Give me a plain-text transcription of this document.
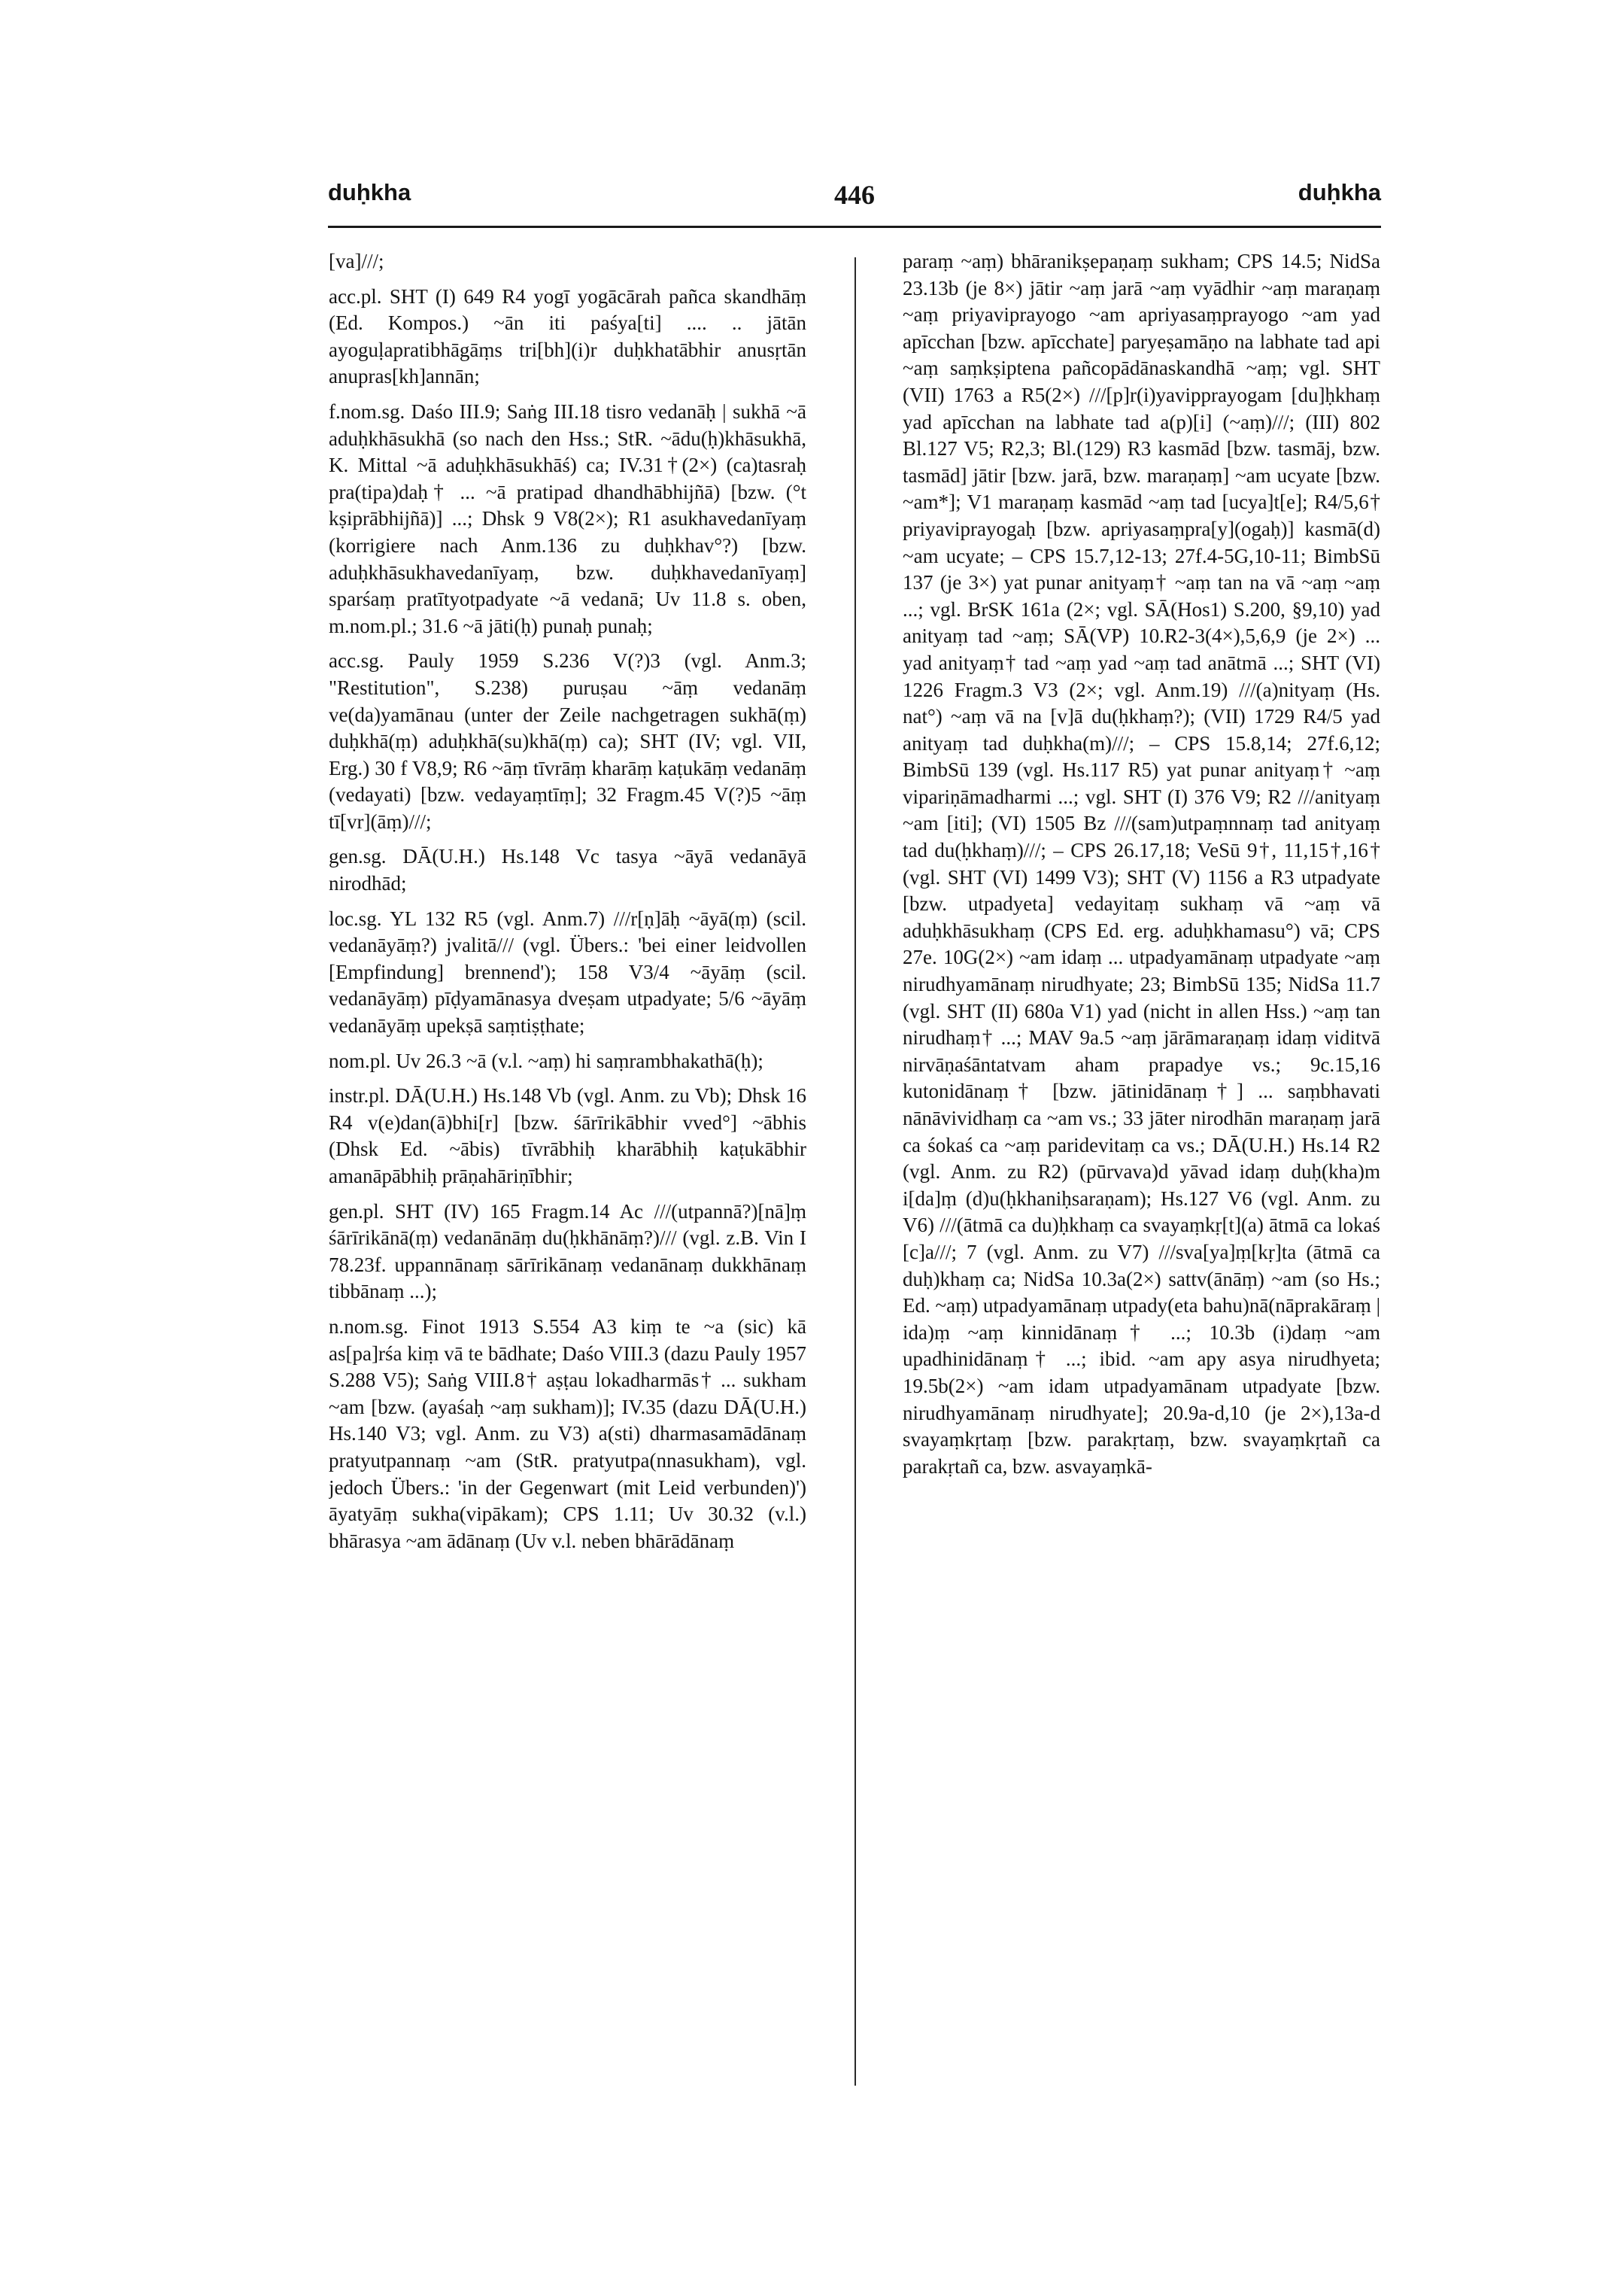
duḥkha	446	duḥkha

[va]///;

acc.pl. SHT (I) 649 R4 yogī yogācārah pañca skandhāṃ (Ed. Kompos.) ~ān iti paśya[ti] .... .. jātān ayoguḷapratibhāgāṃs tri[bh](i)r duḥkhatābhir anusṛtān anupras[kh]annān;

f.nom.sg. Daśo III.9; Saṅg III.18 tisro vedanāḥ | sukhā ~ā aduḥkhāsukhā (so nach den Hss.; StR. ~ādu(ḥ)khāsukhā, K. Mittal ~ā aduḥkhāsukhāś) ca; IV.31†(2×) (ca)tasraḥ pra(tipa)daḥ† ... ~ā pratipad dhandhābhijñā) [bzw. (°t kṣiprābhijñā)] ...; Dhsk 9 V8(2×); R1 asukhavedanīyaṃ (korrigiere nach Anm.136 zu duḥkhav°?) [bzw. aduḥkhāsukhavedanīyaṃ, bzw. duḥkhavedanīyaṃ] sparśaṃ pratītyotpadyate ~ā vedanā; Uv 11.8 s. oben, m.nom.pl.; 31.6 ~ā jāti(ḥ) punaḥ punaḥ;

acc.sg. Pauly 1959 S.236 V(?)3 (vgl. Anm.3; "Restitution", S.238) puruṣau ~āṃ vedanāṃ ve(da)yamānau (unter der Zeile nachgetragen sukhā(ṃ) duḥkhā(ṃ) aduḥkhā(su)khā(ṃ) ca); SHT (IV; vgl. VII, Erg.) 30 f V8,9; R6 ~āṃ tīvrāṃ kharāṃ kaṭukāṃ vedanāṃ (vedayati) [bzw. vedayaṃtīṃ]; 32 Fragm.45 V(?)5 ~āṃ tī[vr](āṃ)///;

gen.sg. DĀ(U.H.) Hs.148 Vc tasya ~āyā vedanāyā nirodhād;

loc.sg. YL 132 R5 (vgl. Anm.7) ///r[ṇ]āḥ ~āyā(ṃ) (scil. vedanāyāṃ?) jvalitā/// (vgl. Übers.: 'bei einer leidvollen [Empfindung] brennend'); 158 V3/4 ~āyāṃ (scil. vedanāyāṃ) pīḍyamānasya dveṣam utpadyate; 5/6 ~āyāṃ vedanāyāṃ upekṣā saṃtiṣṭhate;

nom.pl. Uv 26.3 ~ā (v.l. ~aṃ) hi saṃrambhakathā(ḥ);

instr.pl. DĀ(U.H.) Hs.148 Vb (vgl. Anm. zu Vb); Dhsk 16 R4 v(e)dan(ā)bhi[r] [bzw. śārīrikābhir vved°] ~ābhis (Dhsk Ed. ~ābis) tīvrābhiḥ kharābhiḥ kaṭukābhir amanāpābhiḥ prāṇahāriṇībhir;

gen.pl. SHT (IV) 165 Fragm.14 Ac ///(utpannā?)[nā]ṃ śārīrikānā(ṃ) vedanānāṃ du(ḥkhānāṃ?)/// (vgl. z.B. Vin I 78.23f. uppannānaṃ sārīrikānaṃ vedanānaṃ dukkhānaṃ tibbānaṃ ...);

n.nom.sg. Finot 1913 S.554 A3 kiṃ te ~a (sic) kā as[pa]rśa kiṃ vā te bādhate; Daśo VIII.3 (dazu Pauly 1957 S.288 V5); Saṅg VIII.8† aṣṭau lokadharmās† ... sukham ~am [bzw. (ayaśaḥ ~aṃ sukham)]; IV.35 (dazu DĀ(U.H.) Hs.140 V3; vgl. Anm. zu V3) a(sti) dharmasamādānaṃ pratyutpannaṃ ~am (StR. pratyutpa(nnasukham), vgl. jedoch Übers.: 'in der Gegenwart (mit Leid verbunden)') āyatyāṃ sukha(vipākam); CPS 1.11; Uv 30.32 (v.l.) bhārasya ~am ādānaṃ (Uv v.l. neben bhārādānaṃ

paraṃ ~aṃ) bhāranikṣepaṇaṃ sukham; CPS 14.5; NidSa 23.13b (je 8×) jātir ~aṃ jarā ~aṃ vyādhir ~aṃ maraṇaṃ ~aṃ priyaviprayogo ~am apriyasaṃprayogo ~am yad apīcchan [bzw. apīcchate] paryeṣamāṇo na labhate tad api ~aṃ saṃkṣiptena pañcopādānaskandhā ~aṃ; vgl. SHT (VII) 1763 a R5(2×) ///[p]r(i)yavipprayogam [du]ḥkhaṃ yad apīcchan na labhate tad a(p)[i] (~aṃ)///; (III) 802 Bl.127 V5; R2,3; Bl.(129) R3 kasmād [bzw. tasmāj, bzw. tasmād] jātir [bzw. jarā, bzw. maraṇaṃ] ~am ucyate [bzw. ~am*]; V1 maraṇaṃ kasmād ~aṃ tad [ucya]t[e]; R4/5,6† priyaviprayogaḥ [bzw. apriyasaṃpra[y](ogaḥ)] kasmā(d) ~am ucyate; – CPS 15.7,12-13; 27f.4-5G,10-11; BimbSū 137 (je 3×) yat punar anityaṃ† ~aṃ tan na vā ~aṃ ~aṃ ...; vgl. BrSK 161a (2×; vgl. SĀ(Hos1) S.200, §9,10) yad anityaṃ tad ~aṃ; SĀ(VP) 10.R2-3(4×),5,6,9 (je 2×) ... yad anityaṃ† tad ~aṃ yad ~aṃ tad anātmā ...; SHT (VI) 1226 Fragm.3 V3 (2×; vgl. Anm.19) ///(a)nityaṃ (Hs. nat°) ~aṃ vā na [v]ā du(ḥkhaṃ?); (VII) 1729 R4/5 yad anityaṃ tad duḥkha(m)///; – CPS 15.8,14; 27f.6,12; BimbSū 139 (vgl. Hs.117 R5) yat punar anityaṃ† ~aṃ vipariṇāmadharmi ...; vgl. SHT (I) 376 V9; R2 ///anityaṃ ~am [iti]; (VI) 1505 Bz ///(sam)utpaṃnnaṃ tad anityaṃ tad du(ḥkhaṃ)///; – CPS 26.17,18; VeSū 9†, 11,15†,16† (vgl. SHT (VI) 1499 V3); SHT (V) 1156 a R3 utpadyate [bzw. utpadyeta] vedayitaṃ sukhaṃ vā ~aṃ vā aduḥkhāsukhaṃ (CPS Ed. erg. aduḥkhamasu°) vā; CPS 27e. 10G(2×) ~am idaṃ ... utpadyamānaṃ utpadyate ~aṃ nirudhyamānaṃ nirudhyate; 23; BimbSū 135; NidSa 11.7 (vgl. SHT (II) 680a V1) yad (nicht in allen Hss.) ~aṃ tan nirudhaṃ† ...; MAV 9a.5 ~aṃ jārāmaraṇaṃ idaṃ viditvā nirvāṇaśāntatvam aham prapadye vs.; 9c.15,16 kutonidānaṃ† [bzw. jātinidānaṃ†] ... saṃbhavati nānāvividhaṃ ca ~am vs.; 33 jāter nirodhān maraṇaṃ jarā ca śokaś ca ~aṃ paridevitaṃ ca vs.; DĀ(U.H.) Hs.14 R2 (vgl. Anm. zu R2) (pūrvava)d yāvad idaṃ duḥ(kha)m i[da]ṃ (d)u(ḥkhaniḥsaraṇam); Hs.127 V6 (vgl. Anm. zu V6) ///(ātmā ca du)ḥkhaṃ ca svayaṃkṛ[t](a) ātmā ca lokaś [c]a///; 7 (vgl. Anm. zu V7) ///sva[ya]ṃ[kṛ]ta (ātmā ca duḥ)khaṃ ca; NidSa 10.3a(2×) sattv(ānāṃ) ~am (so Hs.; Ed. ~aṃ) utpadyamānaṃ utpady(eta bahu)nā(nāprakāraṃ | ida)ṃ ~aṃ kinnidānaṃ† ...; 10.3b (i)daṃ ~am upadhinidānaṃ† ...; ibid. ~am apy asya nirudhyeta; 19.5b(2×) ~am idam utpadyamānam utpadyate [bzw. nirudhyamānaṃ nirudhyate]; 20.9a-d,10 (je 2×),13a-d svayaṃkṛtaṃ [bzw. parakṛtaṃ, bzw. svayaṃkṛtañ ca parakṛtañ ca, bzw. asvayaṃkā-
